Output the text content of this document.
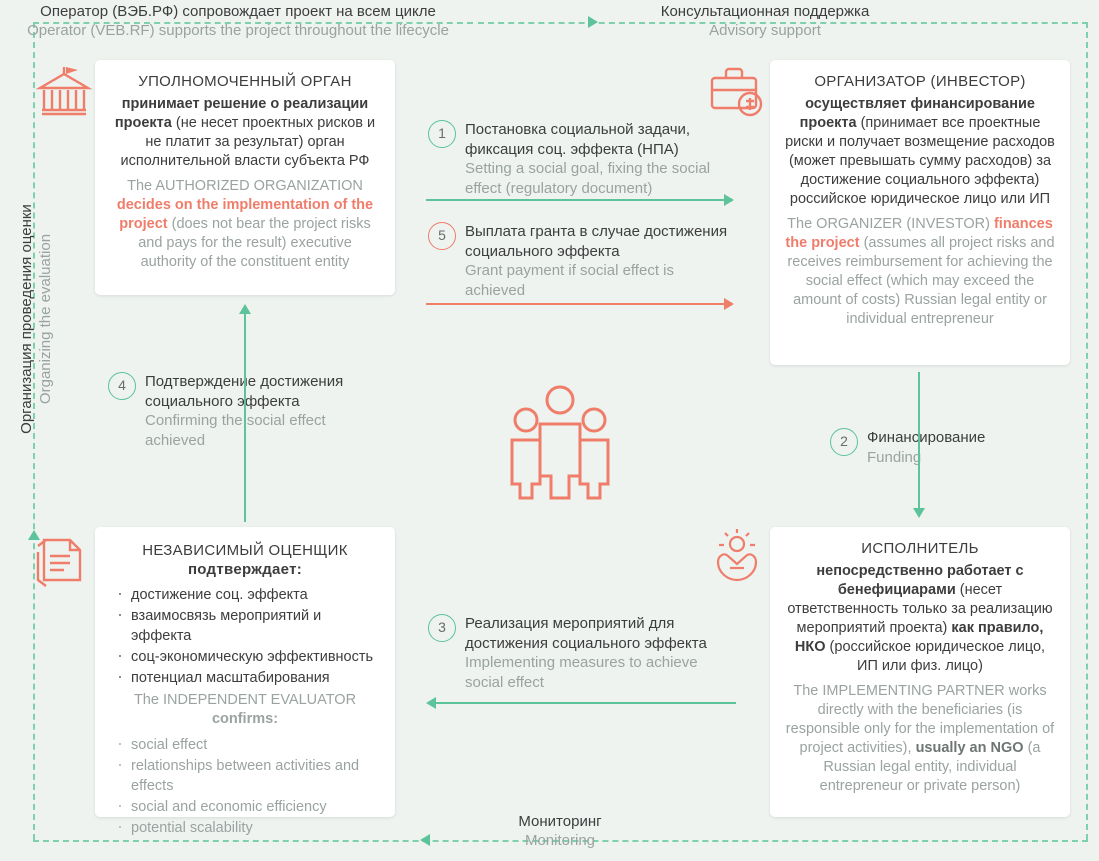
Оператор (ВЭБ.РФ) сопровождает проект на всем цикле
Operator (VEB.RF) supports the project throughout the lifecycle
Консультационная поддержка
Advisory support
Организация проведения оценки Organizing the evaluation
Мониторинг
Monitoring
УПОЛНОМОЧЕННЫЙ ОРГАН
принимает решение о реализации проекта (не несет проектных рисков и не платит за результат) орган исполнительной власти субъекта РФ
The AUTHORIZED ORGANIZATION decides on the implementation of the project (does not bear the project risks and pays for the result) executive authority of the constituent entity
ОРГАНИЗАТОР (ИНВЕСТОР)
осуществляет финансирование проекта (принимает все проектные риски и получает возмещение расходов (может превышать сумму расходов) за достижение социального эффекта) российское юридическое лицо или ИП
The ORGANIZER (INVESTOR) finances the project (assumes all project risks and receives reimbursement for achieving the social effect (which may exceed the amount of costs) Russian legal entity or individual entrepreneur
НЕЗАВИСИМЫЙ ОЦЕНЩИК
подтверждает:
· достижение соц. эффекта
· взаимосвязь мероприятий и эффекта
· соц-экономическую эффективность
· потенциал масштабирования
The INDEPENDENT EVALUATOR
confirms:
· social effect
· relationships between activities and effects
· social and economic efficiency
· potential scalability
ИСПОЛНИТЕЛЬ
непосредственно работает с бенефициарами (несет ответственность только за реализацию мероприятий проекта) как правило, НКО (российское юридическое лицо, ИП или физ. лицо)
The IMPLEMENTING PARTNER works directly with the beneficiaries (is responsible only for the implementation of project activities), usually an NGO (a Russian legal entity, individual entrepreneur or private person)
1	Постановка социальной задачи, фиксация соц. эффекта (НПА)
Setting a social goal, fixing the social effect (regulatory document)
5	Выплата гранта в случае достижения социального эффекта
Grant payment if social effect is achieved
4	Подтверждение достижения социального эффекта
Confirming the social effect achieved	2	Финансирование
Funding
3	Реализация мероприятий для достижения социального эффекта
Implementing measures to achieve social effect
